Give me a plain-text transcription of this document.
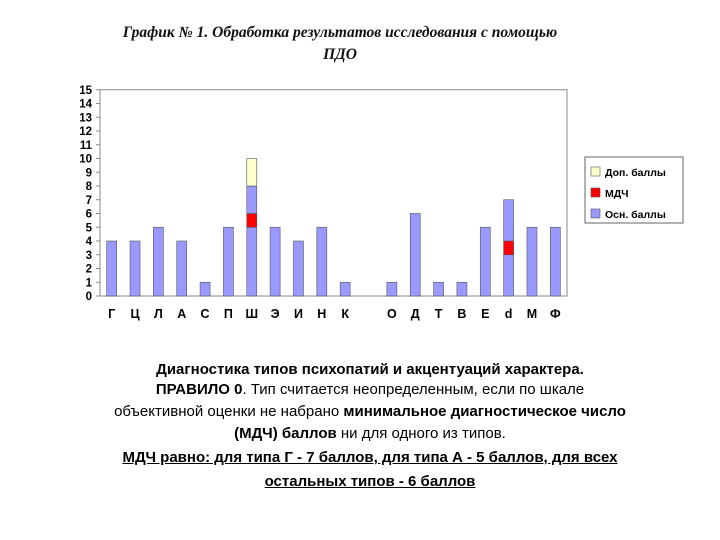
График № 1. Обработка результатов исследования с помощью
ПДО
0
1
2
3
4
5
6
7
8
9
10
11
12
13
14
15
Г Ц Л А С П Ш Э И Н К	О Д Т В Е d М Ф
Доп. баллы
МДЧ
Осн. баллы
Диагностика типов психопатий и акцентуаций характера.
ПРАВИЛО 0. Тип считается неопределенным, если по шкале
объективной оценки не набрано минимальное диагностическое число
(МДЧ) баллов ни для одного из типов.
МДЧ равно: для типа Г - 7 баллов, для типа А - 5 баллов, для всех
остальных типов - 6 баллов
